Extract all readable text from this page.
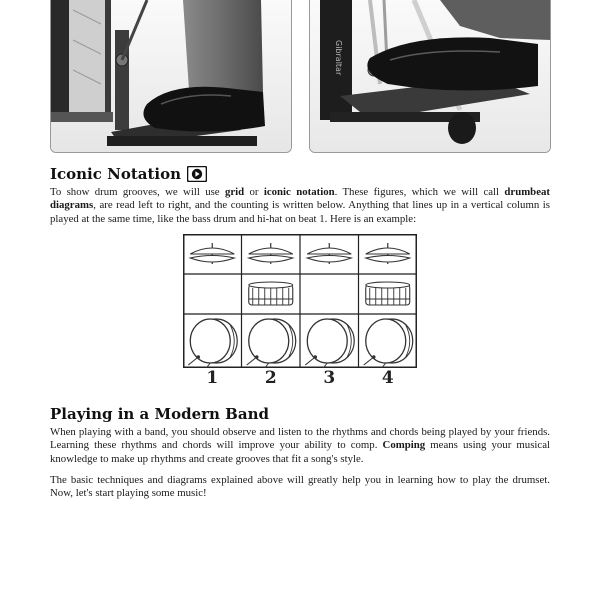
Gibraltar
Iconic Notation

To show drum grooves, we will use grid or iconic notation. These figures, which we will call drumbeat diagrams, are read left to right, and the counting is written below. Anything that lines up in a vertical column is played at the same time, like the bass drum and hi-hat on beat 1. Here is an example:

1	2	3	4
Playing in a Modern Band

When playing with a band, you should observe and listen to the rhythms and chords being played by your friends. Learning these rhythms and chords will improve your ability to comp. Comping means using your musical knowledge to make up rhythms and create grooves that fit a song's style.

The basic techniques and diagrams explained above will greatly help you in learning how to play the drumset. Now, let's start playing some music!
